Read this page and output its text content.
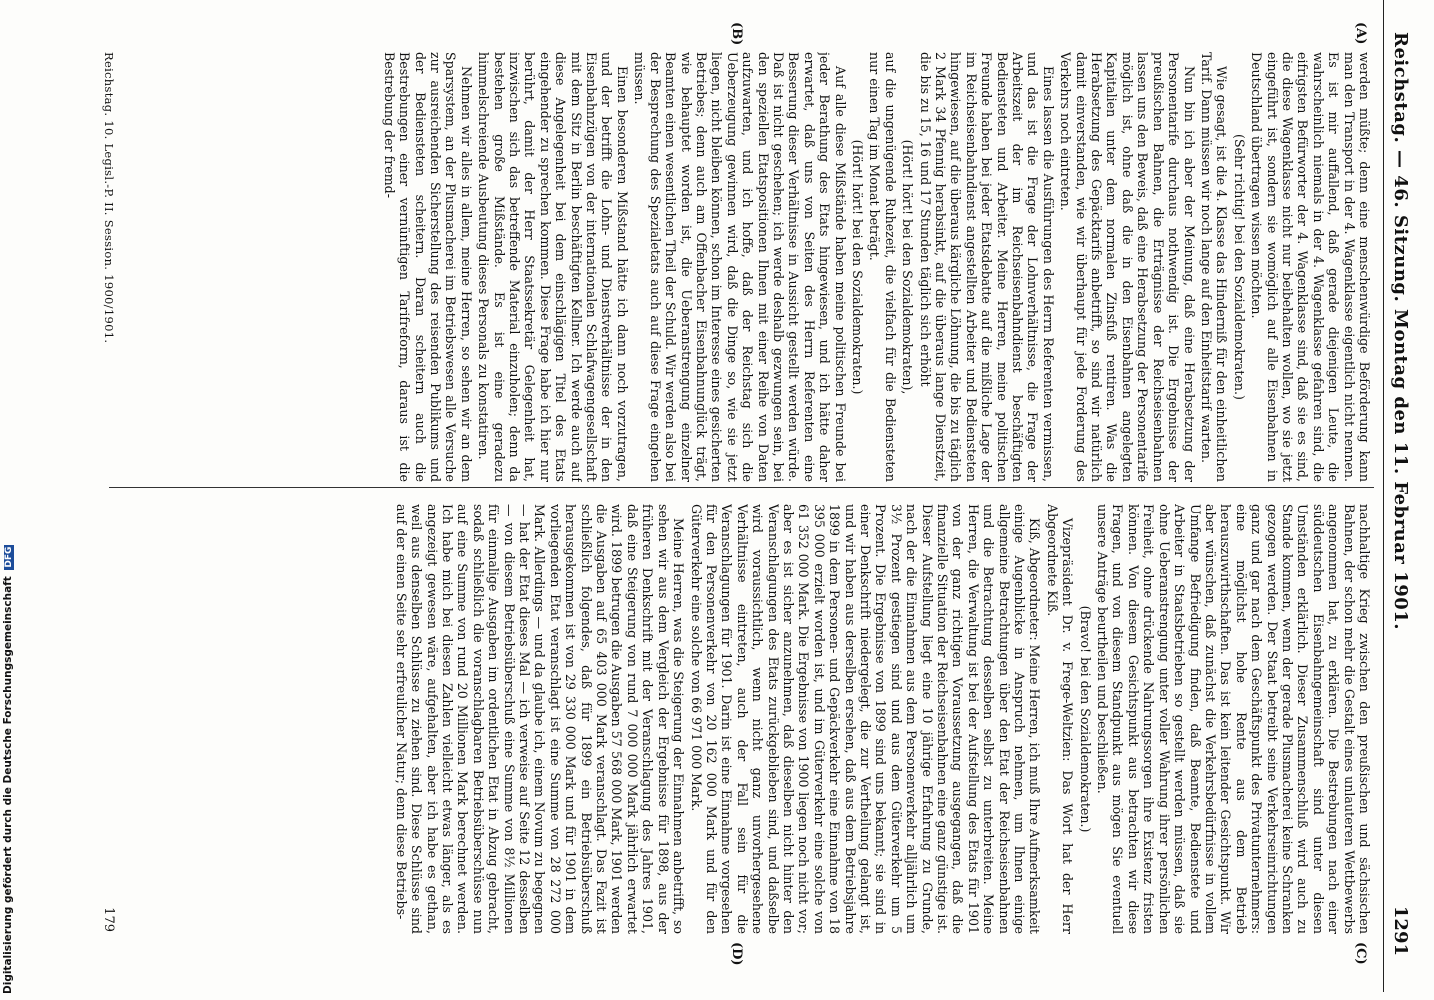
Digitalisierung gefördert durch die Deutsche Forschungsgemeinschaft DFG	Reichstag. — 46. Sitzung. Montag den 11. Februar 1901.
1291
(A)
(B)
(C)
(D)

werden müßte; denn eine menschenwürdige Beförderung kann man den Transport in der 4. Wagenklasse eigentlich nicht nennen. Es ist mir auffallend, daß gerade diejenigen Leute, die wahrscheinlich niemals in der 4. Wagenklasse gefahren sind, die eifrigsten Befürworter der 4. Wagenklasse sind, daß sie es sind, die diese Wagenklasse nicht nur beibehalten wollen, wo sie jetzt eingeführt ist, sondern sie womöglich auf alle Eisenbahnen in Deutschland übertragen wissen möchten.

(Sehr richtig! bei den Sozialdemokraten.)

Wie gesagt, ist die 4. Klasse das Hinderniß für den einheitlichen Tarif. Dann müssen wir noch lange auf den Einheitstarif warten.

Nun bin ich aber der Meinung, daß eine Herabsetzung der Personentarife durchaus nothwendig ist. Die Ergebnisse der preußischen Bahnen, die Erträgnisse der Reichseisenbahnen lassen uns den Beweis, daß eine Herabsetzung der Personentarife möglich ist, ohne daß die in den Eisenbahnen angelegten Kapitalien unter dem normalen Zinsfuß rentiren. Was die Herabsetzung des Gepäcktarifs anbetrifft, so sind wir natürlich damit einverstanden, wie wir überhaupt für jede Forderung des Verkehrs noch eintreten.

Eines lassen die Ausführungen des Herrn Referenten vermissen, und das ist die Frage der Lohnverhältnisse, die Frage der Arbeitszeit der im Reichseisenbahndienst beschäftigten Bediensteten und Arbeiter. Meine Herren, meine politischen Freunde haben bei jeder Etatsdebatte auf die mißliche Lage der im Reichseisenbahndienst angestellten Arbeiter und Bediensteten hingewiesen, auf die überaus kärgliche Löhnung, die bis zu täglich 2 Mark 34 Pfennig herabsinkt, auf die überaus lange Dienstzeit, die bis zu 15, 16 und 17 Stunden täglich sich erhöht

(Hört! hört! bei den Sozialdemokraten),

auf die ungenügende Ruhezeit, die vielfach für die Bediensteten nur einen Tag im Monat beträgt.

(Hört! hört! bei den Sozialdemokraten.)

Auf alle diese Mißstände haben meine politischen Freunde bei jeder Berathung des Etats hingewiesen, und ich hätte daher erwartet, daß uns von Seiten des Herrn Referenten eine Besserung dieser Verhältnisse in Aussicht gestellt werden würde. Daß ist nicht geschehen; ich werde deshalb gezwungen sein, bei den speziellen Etatspositionen Ihnen mit einer Reihe von Daten aufzuwarten, und ich hoffe, daß der Reichstag sich die Ueberzeugung gewinnen wird, daß die Dinge so, wie sie jetzt liegen, nicht bleiben können, schon im Interesse eines gesicherten Betriebes; denn auch am Offenbacher Eisenbahnunglück trägt, wie behauptet worden ist, die Ueberanstrengung einzelner Beamten einen wesentlichen Theil der Schuld. Wir werden also bei der Besprechung des Spezialetats auch auf diese Frage eingehen müssen.

Einen besonderen Mißstand hätte ich dann noch vorzutragen, und der betrifft die Lohn- und Dienstverhältnisse der in den Eisenbahnzügen von der internationalen Schlafwagengesellschaft mit dem Sitz in Berlin beschäftigten Kellner. Ich werde auch auf diese Angelegenheit bei dem einschlägigen Titel des Etats eingehender zu sprechen kommen. Diese Frage habe ich hier nur berührt, damit der Herr Staatssekretär Gelegenheit hat, inzwischen sich das betreffende Material einzuholen; denn da bestehen große Mißstände. Es ist eine geradezu himmelschreiende Ausbeutung dieses Personals zu konstatiren.

Nehmen wir alles in allem, meine Herren, so sehen wir an dem Sparsystem, an der Plusmacherei im Betriebswesen alle Versuche zur ausreichenden Sicherstellung des reisenden Publikums und der Bediensteten scheitern. Daran scheitern auch die Bestrebungen einer vernünftigen Tarifreform, daraus ist die Bestrebung der fremd-

nachhaltige Krieg zwischen den preußischen und sächsischen Bahnen, der schon mehr die Gestalt eines unlauteren Wettbewerbs angenommen hat, zu erklären. Die Bestrebungen nach einer süddeutschen Eisenbahngemeinschaft sind unter diesen Umständen erklärlich. Dieser Zusammenschluß wird auch zu Stande kommen, wenn der gerade Plusmacherei keine Schranken gezogen werden. Der Staat betreibt seine Verkehrseinrichtungen ganz und gar nach dem Geschäftspunkt des Privatunternehmers: eine möglichst hohe Rente aus dem Betrieb herauszuwirthschaften. Das ist kein leitender Gesichtspunkt. Wir aber wünschen, daß zunächst die Verkehrsbedürfnisse in vollem Umfange Befriedigung finden, daß Beamte, Bedienstete und Arbeiter in Staatsbetrieben so gestellt werden müssen, daß sie ohne Ueberanstrengung unter voller Wahrung ihrer persönlichen Freiheit, ohne drückende Nahrungssorgen ihre Existenz fristen können. Von diesem Gesichtspunkt aus betrachten wir diese Fragen, und von diesem Standpunkt aus mögen Sie eventuell unsere Anträge beurtheilen und beschließen.

(Bravo! bei den Sozialdemokraten.)

Vizepräsident Dr. v. Frege-Weltzien: Das Wort hat der Herr Abgeordnete Kiß.

Kiß, Abgeordneter: Meine Herren, ich muß Ihre Aufmerksamkeit einige Augenblicke in Anspruch nehmen, um Ihnen einige allgemeine Betrachtungen über den Etat der Reichseisenbahnen und die Betrachtung desselben selbst zu unterbreiten. Meine Herren, die Verwaltung ist bei der Aufstellung des Etats für 1901 von der ganz richtigen Voraussetzung ausgegangen, daß die finanzielle Situation der Reichseisenbahnen eine ganz günstige ist. Dieser Aufstellung liegt eine 10 jährige Erfahrung zu Grunde, nach der die Einnahmen aus dem Personenverkehr alljährlich um 3½ Prozent gestiegen sind und aus dem Güterverkehr um 5 Prozent. Die Ergebnisse von 1899 sind uns bekannt; sie sind in einer Denkschrift niedergelegt, die zur Vertheilung gelangt ist, und wir haben aus derselben ersehen, daß aus dem Betriebsjahre 1899 in dem Personen- und Gepäckverkehr eine Einnahme von 18 395 000 erzielt worden ist, und im Güterverkehr eine solche von 61 352 000 Mark. Die Ergebnisse von 1900 liegen noch nicht vor; aber es ist sicher anzunehmen, daß dieselben nicht hinter den Veranschlagungen des Etats zurückgeblieben sind, und daßselbe wird voraussichtlich, wenn nicht ganz unvorhergesehene Verhältnisse eintreten, auch der Fall sein für die Veranschlagungen für 1901. Darin ist eine Einnahme vorgesehen für den Personenverkehr von 20 162 000 Mark und für den Güterverkehr eine solche von 66 971 000 Mark.

Meine Herren, was die Steigerung der Einnahmen anbetrifft, so sehen wir aus dem Vergleich der Ergebnisse für 1898, aus der früheren Denkschrift mit der Veranschlagung des Jahres 1901, daß eine Steigerung von rund 7 000 000 Mark jährlich erwartet wird. 1899 betrugen die Ausgaben 57 568 000 Mark, 1901 werden die Ausgaben auf 65 403 000 Mark veranschlagt. Das Fazit ist schließlich folgendes, daß für 1899 ein Betriebsüberschuß herausgekommen ist von 29 330 000 Mark und für 1901 in dem vorliegenden Etat veranschlagt ist eine Summe von 28 272 000 Mark. Allerdings — und da glaube ich, einem Novum zu begegnen — hat der Etat dieses Mal — ich verweise auf Seite 12 desselben — von diesem Betriebsüberschuß eine Summe von 8½ Millionen für einmalige Ausgaben im ordentlichen Etat in Abzug gebracht, sodaß schließlich die voranschlagbaren Betriebsüberschüsse nun auf eine Summe von rund 20 Millionen Mark berechnet werden. Ich habe mich bei diesen Zahlen vielleicht etwas länger, als es angezeigt gewesen wäre, aufgehalten, aber ich habe es gethan, weil aus denselben Schlüsse zu ziehen sind. Diese Schlüsse sind auf der einen Seite sehr erfreulicher Natur; denn diese Betriebs-

Reichstag. 10. Legisl.-P. II. Session. 1900/1901.
179
